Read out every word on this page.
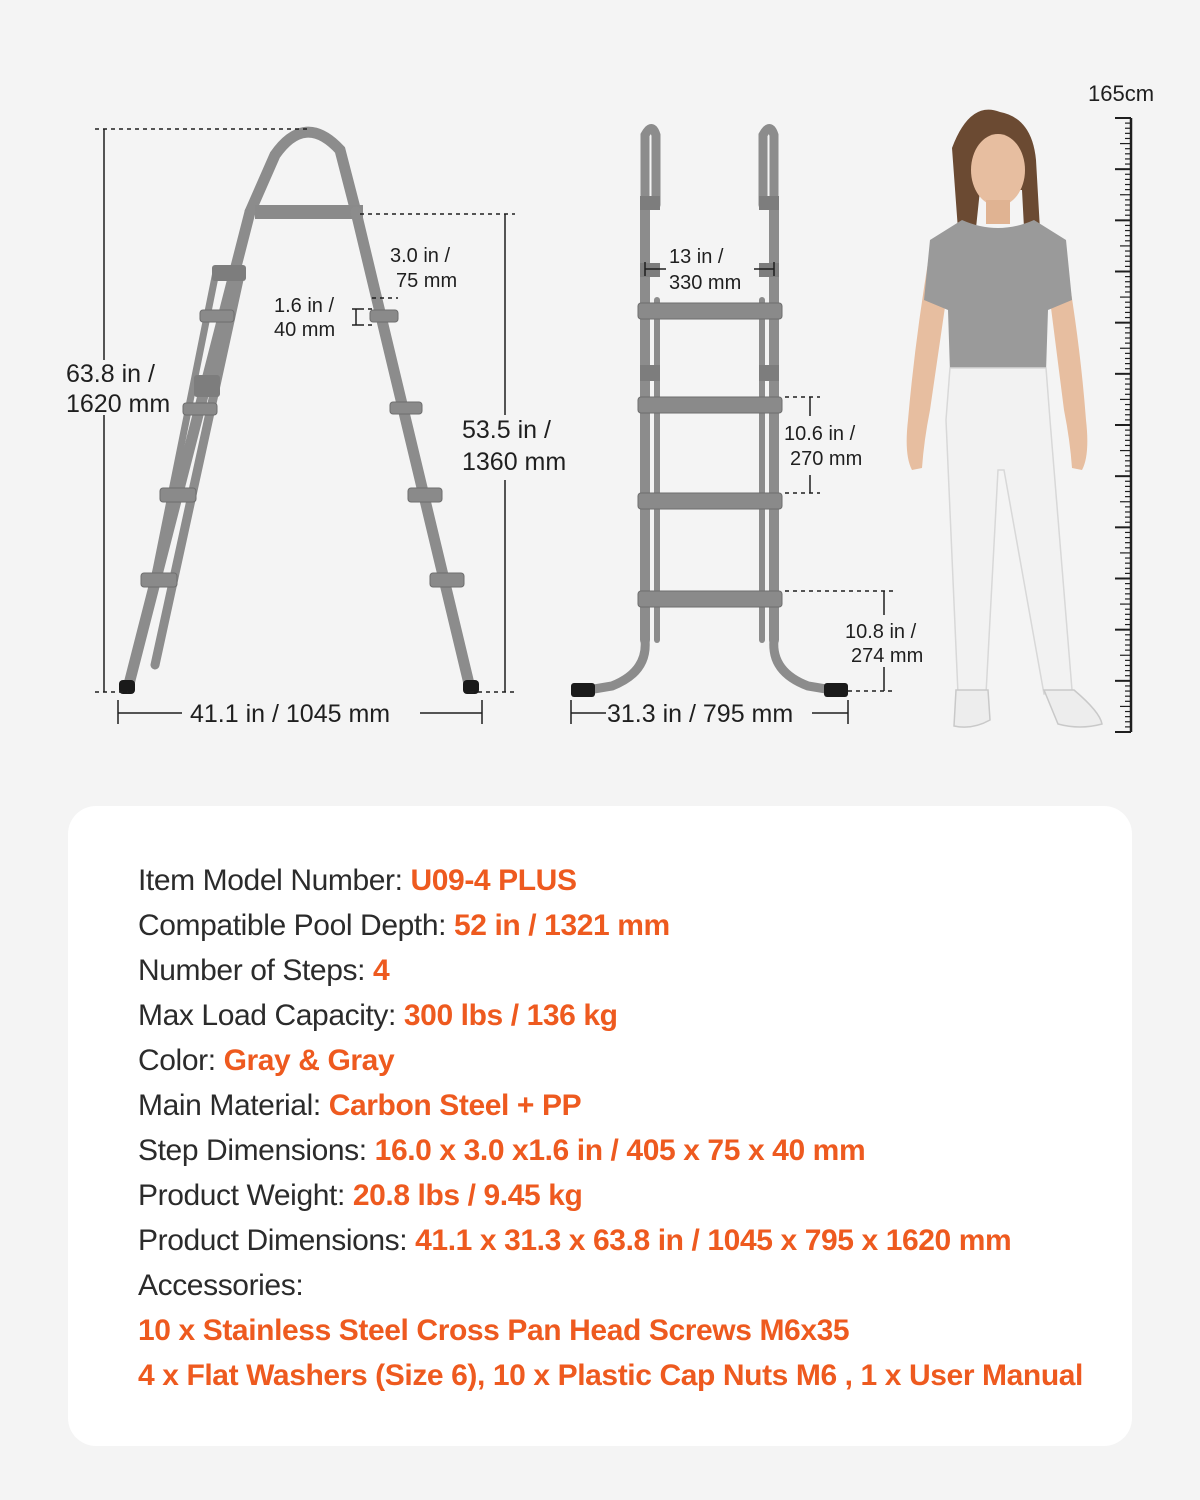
63.8 in /
1620 mm
3.0 in /
75 mm
1.6 in /
40 mm
53.5 in /
1360 mm
41.1 in / 1045 mm
13 in /
330 mm
10.6 in /
270 mm
10.8 in /
274 mm
31.3 in / 795 mm
165cm
Item Model Number: U09-4 PLUS
Compatible Pool Depth: 52 in / 1321 mm
Number of Steps: 4
Max Load Capacity: 300 lbs / 136 kg
Color: Gray & Gray
Main Material: Carbon Steel + PP
Step Dimensions: 16.0 x 3.0 x1.6 in / 405 x 75 x 40 mm
Product Weight: 20.8 lbs / 9.45 kg
Product Dimensions: 41.1 x 31.3 x 63.8 in / 1045 x 795 x 1620 mm
Accessories:
10 x Stainless Steel Cross Pan Head Screws M6x35
4 x Flat Washers (Size 6), 10 x Plastic Cap Nuts M6 , 1 x User Manual
